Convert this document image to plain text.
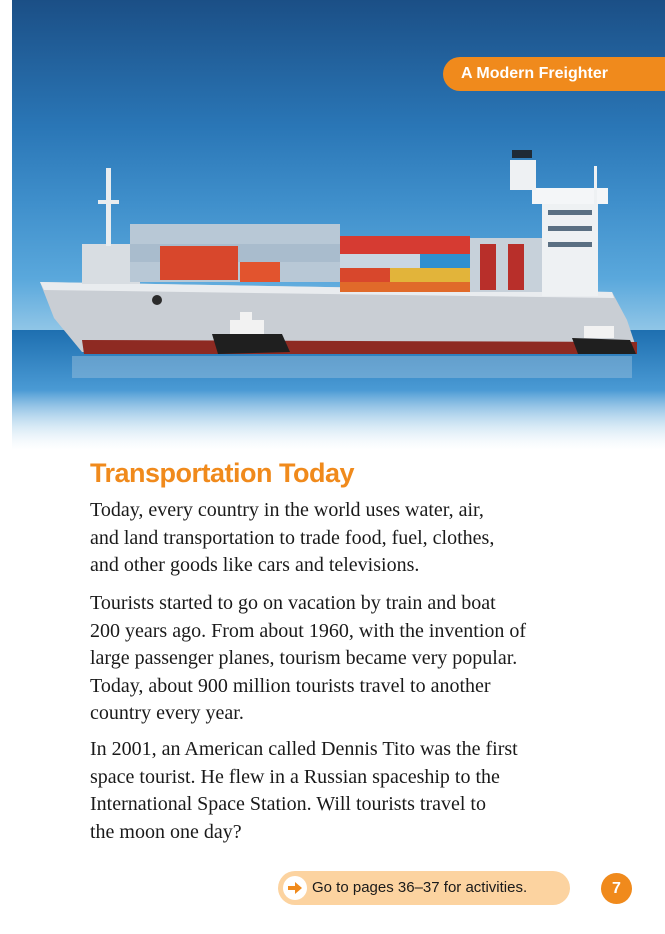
A Modern Freighter
Transportation Today

Today, every country in the world uses water, air,
and land transportation to trade food, fuel, clothes,
and other goods like cars and televisions.

Tourists started to go on vacation by train and boat
200 years ago. From about 1960, with the invention of
large passenger planes, tourism became very popular.
Today, about 900 million tourists travel to another
country every year.

In 2001, an American called Dennis Tito was the first
space tourist. He flew in a Russian spaceship to the
International Space Station. Will tourists travel to
the moon one day?

Go to pages 36–37 for activities.	7
